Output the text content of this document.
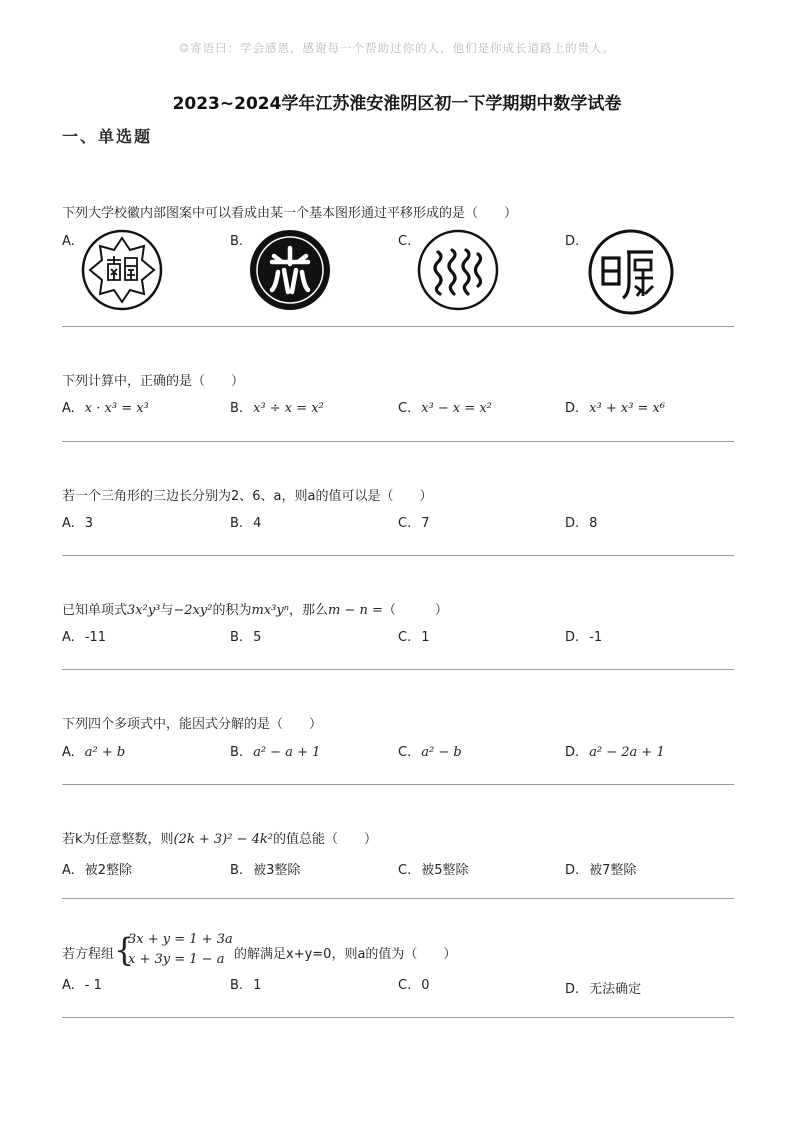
☺寄语曰：学会感恩，感谢每一个帮助过你的人，他们是你成长道路上的贵人。
2023~2024学年江苏淮安淮阴区初一下学期期中数学试卷
一、单选题
下列大学校徽内部图案中可以看成由某一个基本图形通过平移形成的是（　　）
A.	B.	C.	D.
下列计算中，正确的是（　　）
A. x · x³ = x³	B. x³ ÷ x = x²	C. x³ − x = x²	D. x³ + x³ = x⁶
若一个三角形的三边长分别为2、6、a，则a的值可以是（　　）
A. 3	B. 4	C. 7	D. 8
已知单项式3x²y³与−2xy²的积为mx³yⁿ，那么m − n =（　　　）
A. -11	B. 5	C. 1	D. -1
下列四个多项式中，能因式分解的是（　　）
A. a² + b	B. a² − a + 1	C. a² − b	D. a² − 2a + 1
若k为任意整数，则(2k + 3)² − 4k²的值总能（　　）
A. 被2整除	B. 被3整除	C. 被5整除	D. 被7整除
若方程组 {
3x + y = 1 + 3a
x + 3y = 1 − a 的解满足x+y=0，则a的值为（　　）
A. - 1	B. 1	C. 0	D. 无法确定
